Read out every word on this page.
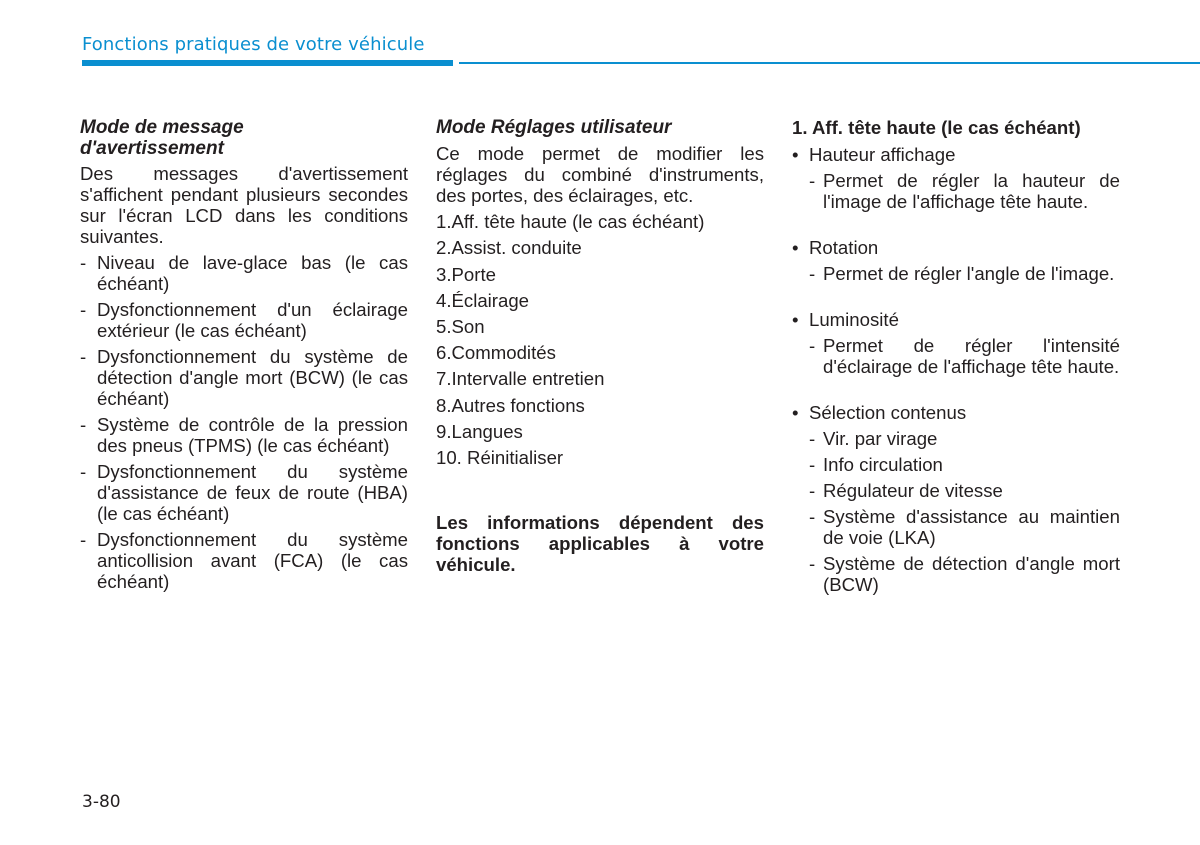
Fonctions pratiques de votre véhicule
Mode de message
d'avertissement
Des messages d'avertissement s'affichent pendant plusieurs secondes sur l'écran LCD dans les conditions suivantes.
- Niveau de lave-glace bas (le cas échéant)
- Dysfonctionnement d'un éclairage extérieur (le cas échéant)
- Dysfonctionnement du système de détection d'angle mort (BCW) (le cas échéant)
- Système de contrôle de la pression des pneus (TPMS) (le cas échéant)
- Dysfonctionnement du système d'assistance de feux de route (HBA) (le cas échéant)
- Dysfonctionnement du système anticollision avant (FCA) (le cas échéant)
Mode Réglages utilisateur
Ce mode permet de modifier les réglages du combiné d'instruments, des portes, des éclairages, etc.
1.Aff. tête haute (le cas échéant)
2.Assist. conduite
3.Porte
4.Éclairage
5.Son
6.Commodités
7.Intervalle entretien
8.Autres fonctions
9.Langues
10. Réinitialiser
Les informations dépendent des fonctions applicables à votre véhicule.
1. Aff. tête haute (le cas échéant)
• Hauteur affichage
- Permet de régler la hauteur de l'image de l'affichage tête haute.
• Rotation
- Permet de régler l'angle de l'image.
• Luminosité
- Permet de régler l'intensité d'éclairage de l'affichage tête haute.
• Sélection contenus
- Vir. par virage
- Info circulation
- Régulateur de vitesse
- Système d'assistance au maintien de voie (LKA)
- Système de détection d'angle mort (BCW)
3-80
